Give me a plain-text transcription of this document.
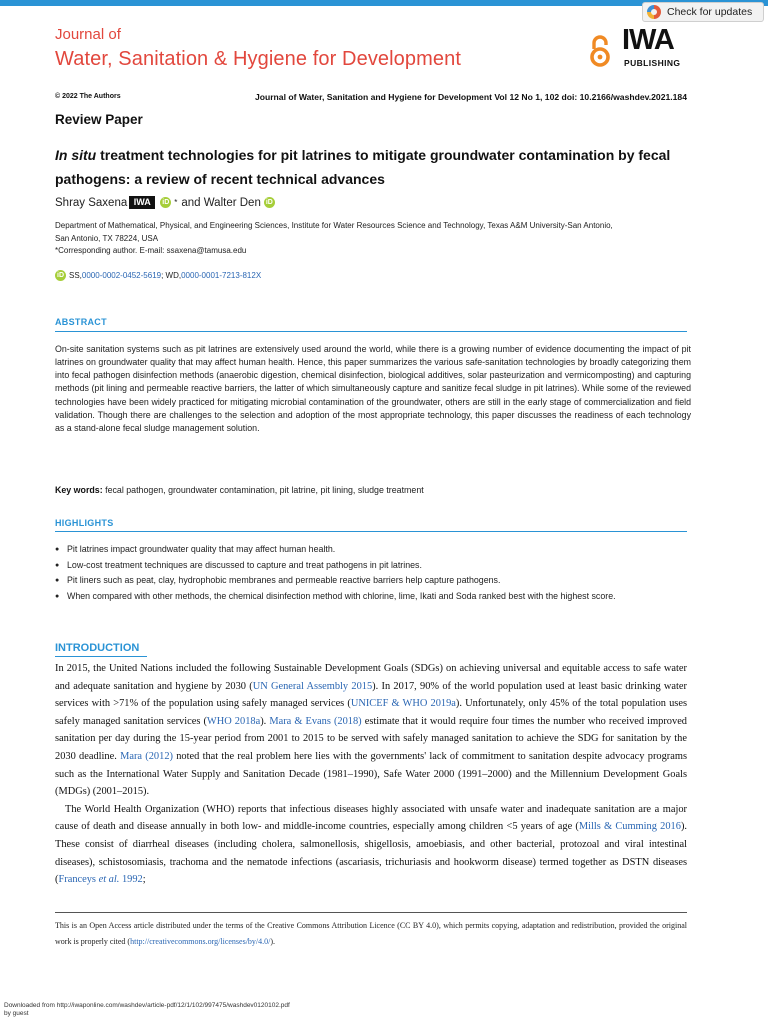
Check for updates
Journal of
Water, Sanitation & Hygiene for Development
IWA
PUBLISHING
© 2022 The Authors	Journal of Water, Sanitation and Hygiene for Development Vol 12 No 1, 102 doi: 10.2166/washdev.2021.184
Review Paper
In situ treatment technologies for pit latrines to mitigate groundwater contamination by fecal pathogens: a review of recent technical advances
Shray Saxena IWA	iD * and Walter Den iD
Department of Mathematical, Physical, and Engineering Sciences, Institute for Water Resources Science and Technology, Texas A&M University-San Antonio,
San Antonio, TX 78224, USA
*Corresponding author. E-mail: ssaxena@tamusa.edu
iD SS, 0000-0002-0452-5619 ; WD, 0000-0001-7213-812X
ABSTRACT
On-site sanitation systems such as pit latrines are extensively used around the world, while there is a growing number of evidence documenting the impact of pit latrines on groundwater quality that may affect human health. Hence, this paper summarizes the various safe-sanitation technologies by broadly categorizing them into fecal pathogen disinfection methods (anaerobic digestion, chemical disinfection, biological additives, solar pasteurization and vermicomposting) and capturing methods (pit lining and permeable reactive barriers, the latter of which simultaneously capture and sanitize fecal sludge in pit latrines). While some of the reviewed technologies have been widely practiced for mitigating microbial contamination of the groundwater, others are still in the early stage of commercialization and field validation. Though there are challenges to the selection and adoption of the most appropriate technology, this paper discusses the readiness of each technology as a stand-alone fecal sludge management solution.
Key words: fecal pathogen, groundwater contamination, pit latrine, pit lining, sludge treatment
HIGHLIGHTS
● Pit latrines impact groundwater quality that may affect human health.
● Low-cost treatment techniques are discussed to capture and treat pathogens in pit latrines.
● Pit liners such as peat, clay, hydrophobic membranes and permeable reactive barriers help capture pathogens.
● When compared with other methods, the chemical disinfection method with chlorine, lime, Ikati and Soda ranked best with the highest score.
INTRODUCTION

In 2015, the United Nations included the following Sustainable Development Goals (SDGs) on achieving universal and equitable access to safe water and adequate sanitation and hygiene by 2030 (UN General Assembly 2015). In 2017, 90% of the world population used at least basic drinking water services with >71% of the population using safely managed services (UNICEF & WHO 2019a). Unfortunately, only 45% of the total population uses safely managed sanitation services (WHO 2018a). Mara & Evans (2018) estimate that it would require four times the number who received improved sanitation per day during the 15-year period from 2001 to 2015 to be served with safely managed sanitation to achieve the SDG for sanitation by the 2030 deadline. Mara (2012) noted that the real problem here lies with the governments' lack of commitment to sanitation despite advocacy programs such as the International Water Supply and Sanitation Decade (1981–1990), Safe Water 2000 (1991–2000) and the Millennium Development Goals (MDGs) (2001–2015).

The World Health Organization (WHO) reports that infectious diseases highly associated with unsafe water and inadequate sanitation are a major cause of death and disease annually in both low- and middle-income countries, especially among children <5 years of age (Mills & Cumming 2016). These consist of diarrheal diseases (including cholera, salmonellosis, shigellosis, amoebiasis, and other bacterial, protozoal and viral intestinal diseases), schistosomiasis, trachoma and the nematode infections (ascariasis, trichuriasis and hookworm disease) termed together as DSTN diseases (Franceys et al. 1992;

This is an Open Access article distributed under the terms of the Creative Commons Attribution Licence (CC BY 4.0), which permits copying, adaptation and redistribution, provided the original work is properly cited (http://creativecommons.org/licenses/by/4.0/).
Downloaded from http://iwaponline.com/washdev/article-pdf/12/1/102/997475/washdev0120102.pdf
by guest
